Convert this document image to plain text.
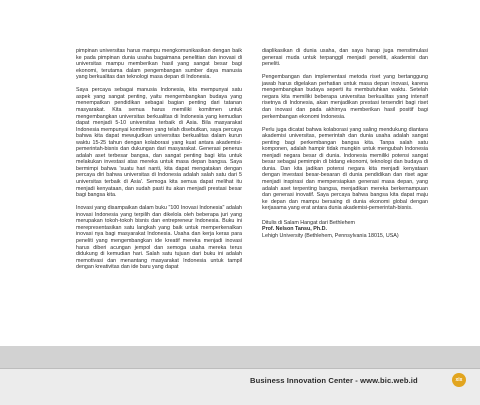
pimpinan universitas harus mampu mengkomunikasikan dengan baik ke pada pimpinan dunia usaha bagaimana penelitian dan inovasi di universitas mampu memberikan hasil yang sangat besar bagi ekonomi, terutama dalam pengembangan sumber daya manusia yang berkualitas dan teknologi masa depan di Indonesia.

Saya percaya sebagai manusia Indonesia, kita mempunyai satu aspek yang sangat penting, yaitu mengembangkan budaya yang menempatkan pendidikan sebagai bagian penting dari tatanan masyarakat. Kita semua harus memiliki komitmen untuk mengembangkan universitas berkualitas di Indonesia yang kemudian dapat menjadi 5-10 universitas terbaik di Asia. Bila masyarakat Indonesia mempunyai komitmen yang telah disebutkan, saya percaya bahwa kita dapat mewujudkan universitas berkualitas dalam kurun waktu 15-25 tahun dengan kolaborasi yang kuat antara akademisi-pemerintah-bisnis dan dukungan dari masyarakat. Generasi penerus adalah aset terbesar bangsa, dan sangat penting bagi kita untuk melakukan investasi atas mereka untuk masa depan bangsa. Saya bermimpi bahwa 'suatu hari nanti, kita dapat mengatakan dengan percaya diri bahwa universitas di Indonesia adalah salah satu dari 5 universitas terbaik di Asia'. Semoga kita semua dapat melihat itu menjadi kenyataan, dan sudah pasti itu akan menjadi prestasi besar bagi bangsa kita.

Inovasi yang disampaikan dalam buku "100 Inovasi Indonesia" adalah inovasi Indonesia yang terpilih dan dikelola oleh beberapa juri yang merupakan tokoh-tokoh bisnis dan entrepreneur Indonesia. Buku ini merepresentasikan satu langkah yang baik untuk memperkenalkan inovasi nya bagi masyarakat Indonesia. Usaha dan kerja keras para peneliti yang mengembangkan ide kreatif mereka menjadi inovasi harus diberi acungan jempol dan semoga usaha mereka terus didukung di kemudian hari. Salah satu tujuan dari buku ini adalah memotivasi dan menantang masyarakat Indonesia untuk tampil dengan kreativitas dan ide baru yang dapat

diaplikasikan di dunia usaha, dan saya harap juga menstimulasi generasi muda untuk terpanggil menjadi peneliti, akademisi dan peneliti.

Pengembangan dan implementasi metoda riset yang bertanggung jawab harus digelakan perhatian untuk masa depan inovasi, karena mengembangkan budaya seperti itu membutuhkan waktu. Setelah negara kita memiliki beberapa universitas berkualitas yang intensif risetnya di Indonesia, akan menjadikan prestasi tersendiri bagi riset dan inovasi dan pada akhirnya memberikan hasil positif bagi perkembangan ekonomi Indonesia.

Perlu juga dicatat bahwa kolaborasi yang saling mendukung diantara akademisi universitas, pemerintah dan dunia usaha adalah sangat penting bagi perkembangan bangsa kita. Tanpa salah satu komponen, adalah hampir tidak mungkin untuk mengubah Indonesia menjadi negara besar di dunia. Indonesia memiliki potensi sangat besar sebagai pemimpin di bidang ekonomi, teknologi dan budaya di dunia. Dan kita jadikan potensi negara kita menjadi kenyataan dengan investasi besar-besaran di dunia pendidikan dan riset agar menjadi inspirasi dan mempersiapkan generasi masa depan, yang adalah aset terpenting bangsa, menjadikan mereka berkemampuan dan generasi inovatif. Saya percaya bahwa bangsa kita dapat maju ke depan dan mampu bersaing di dunia ekonomi global dengan kerjasama yang erat antara dunia akademisi-pemerintah-bisnis.

Ditulis di Salam Hangat dari Bethlehem
Prof. Nelson Tansu, Ph.D.
Lehigh University (Bethlehem, Pennsylvania 18015, USA)
Business Innovation Center - www.bic.web.id	xix
